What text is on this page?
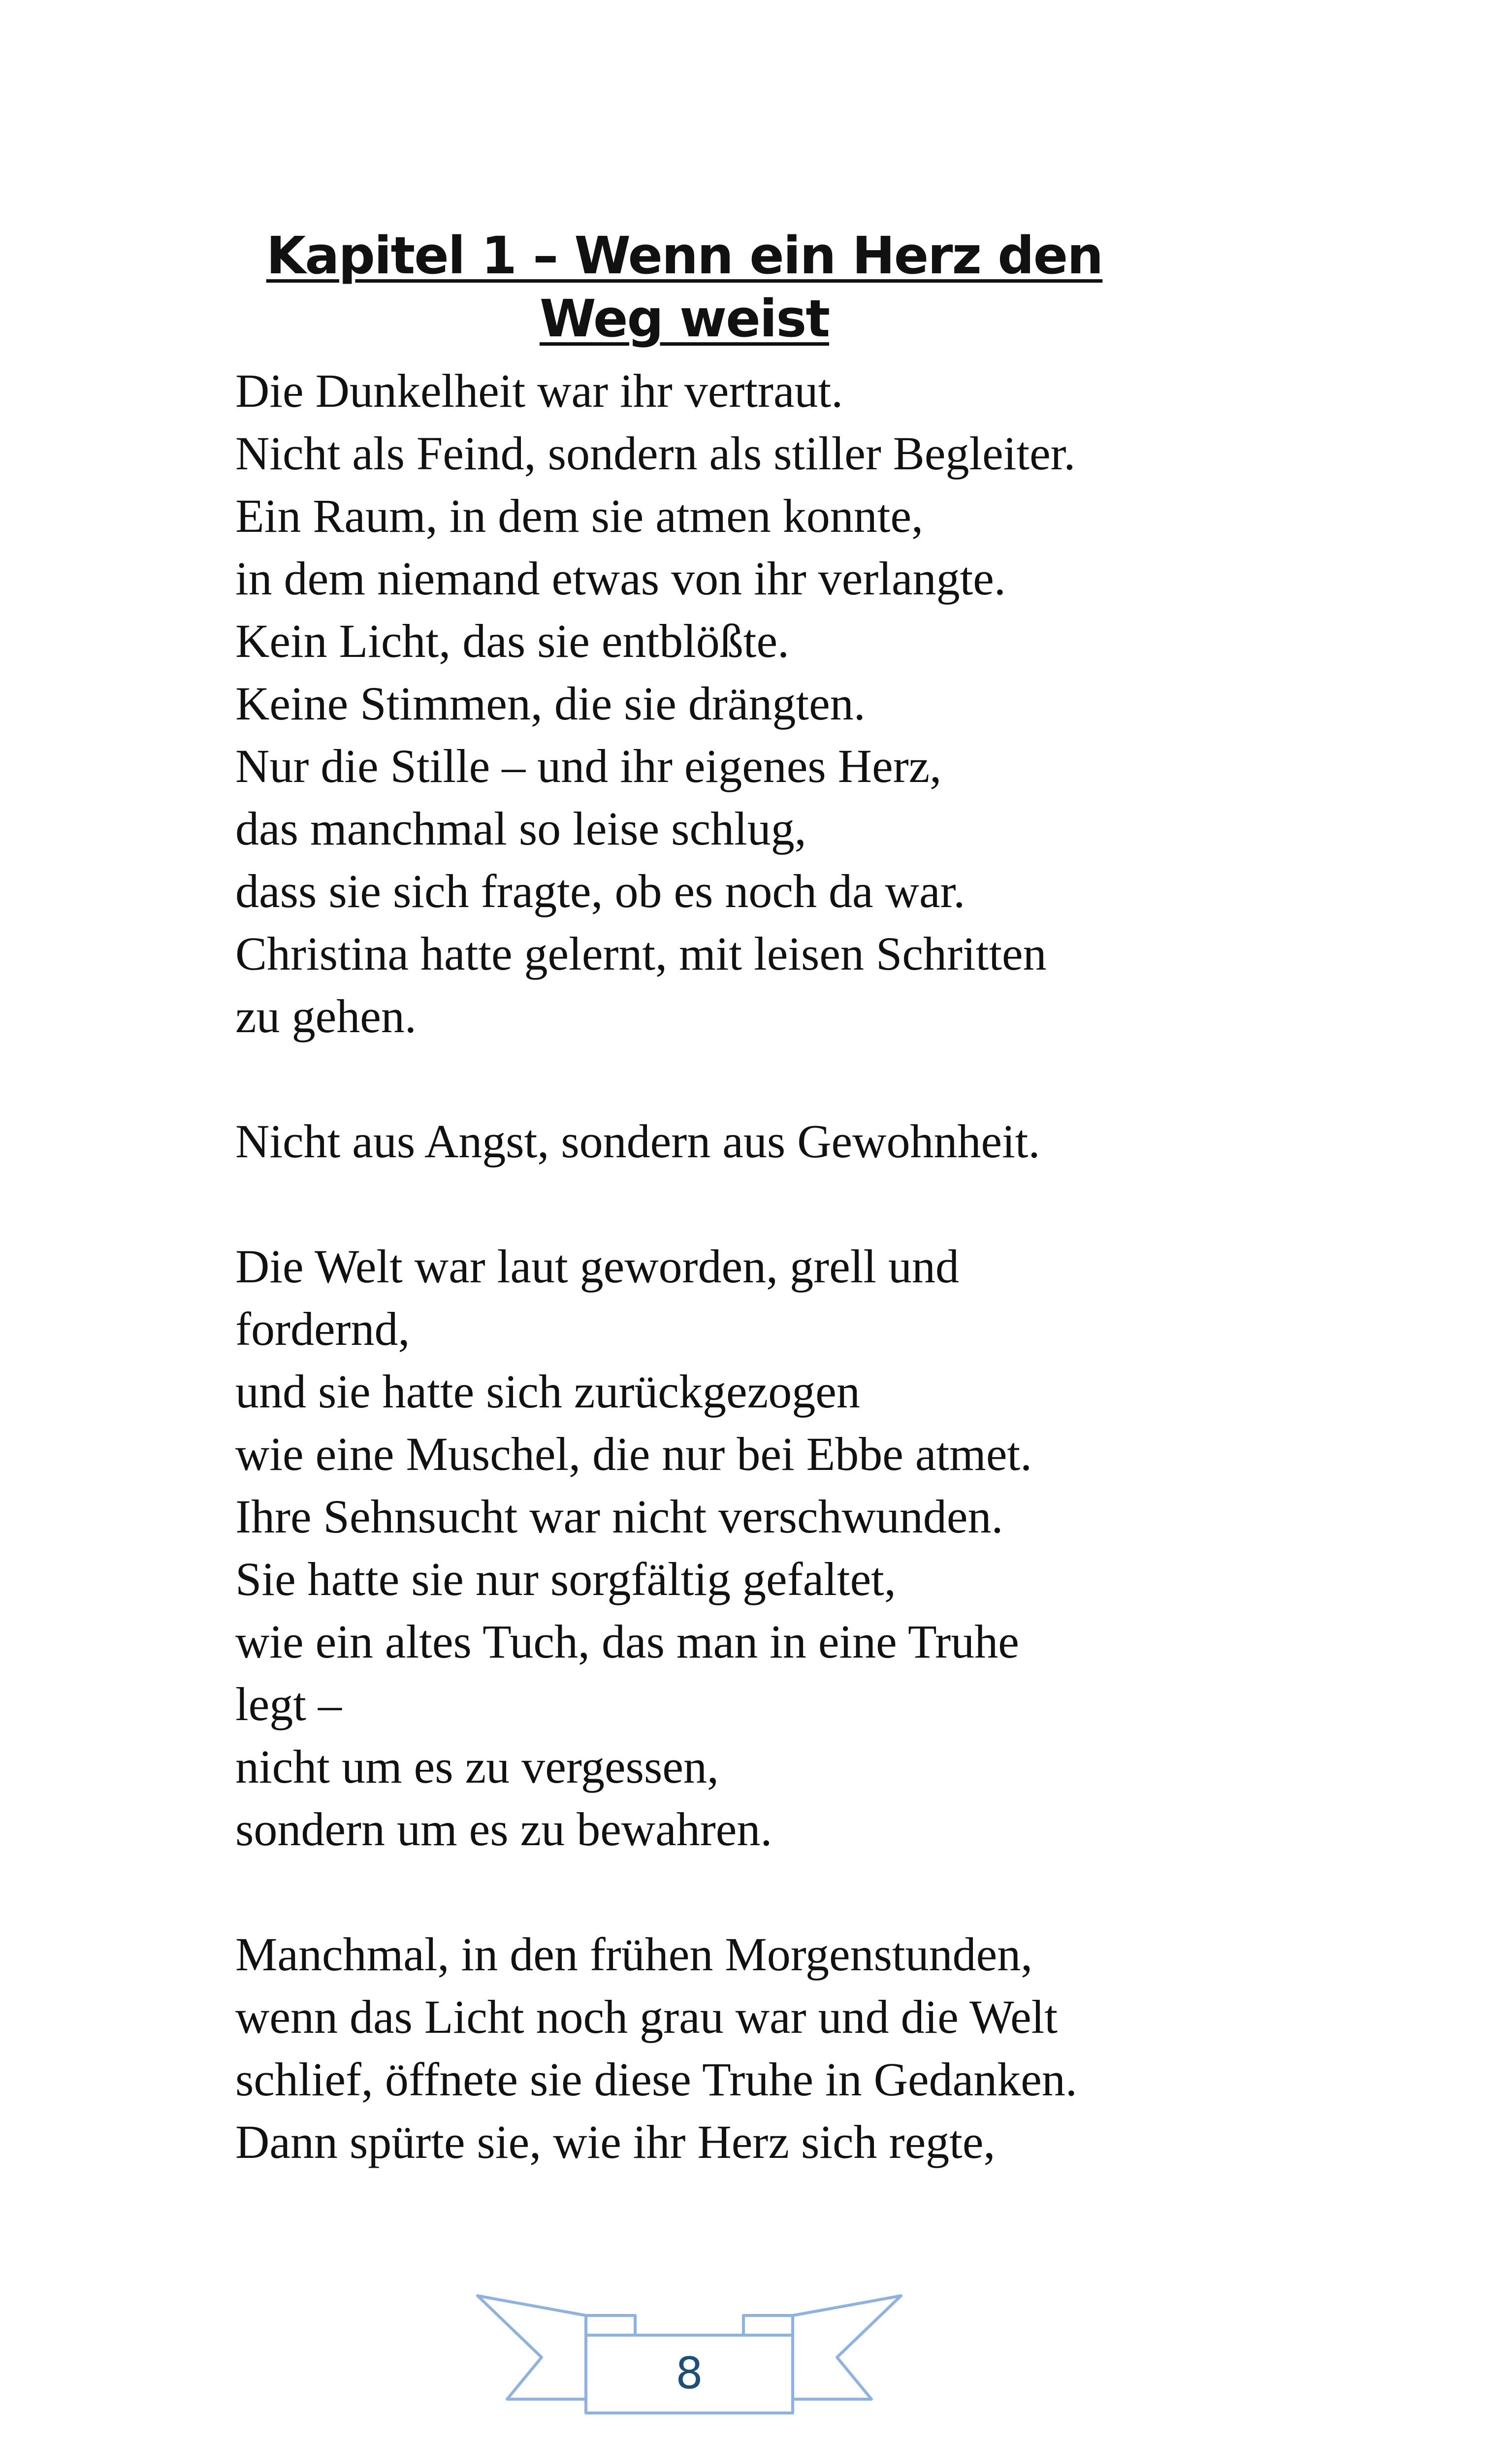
Kapitel 1 – Wenn ein Herz den
Weg weist
Die Dunkelheit war ihr vertraut.
Nicht als Feind, sondern als stiller Begleiter.
Ein Raum, in dem sie atmen konnte,
in dem niemand etwas von ihr verlangte.
Kein Licht, das sie entblößte.
Keine Stimmen, die sie drängten.
Nur die Stille – und ihr eigenes Herz,
das manchmal so leise schlug,
dass sie sich fragte, ob es noch da war.
Christina hatte gelernt, mit leisen Schritten
zu gehen.
Nicht aus Angst, sondern aus Gewohnheit.
Die Welt war laut geworden, grell und
fordernd,
und sie hatte sich zurückgezogen
wie eine Muschel, die nur bei Ebbe atmet.
Ihre Sehnsucht war nicht verschwunden.
Sie hatte sie nur sorgfältig gefaltet,
wie ein altes Tuch, das man in eine Truhe
legt –
nicht um es zu vergessen,
sondern um es zu bewahren.
Manchmal, in den frühen Morgenstunden,
wenn das Licht noch grau war und die Welt
schlief, öffnete sie diese Truhe in Gedanken.
Dann spürte sie, wie ihr Herz sich regte,
8
